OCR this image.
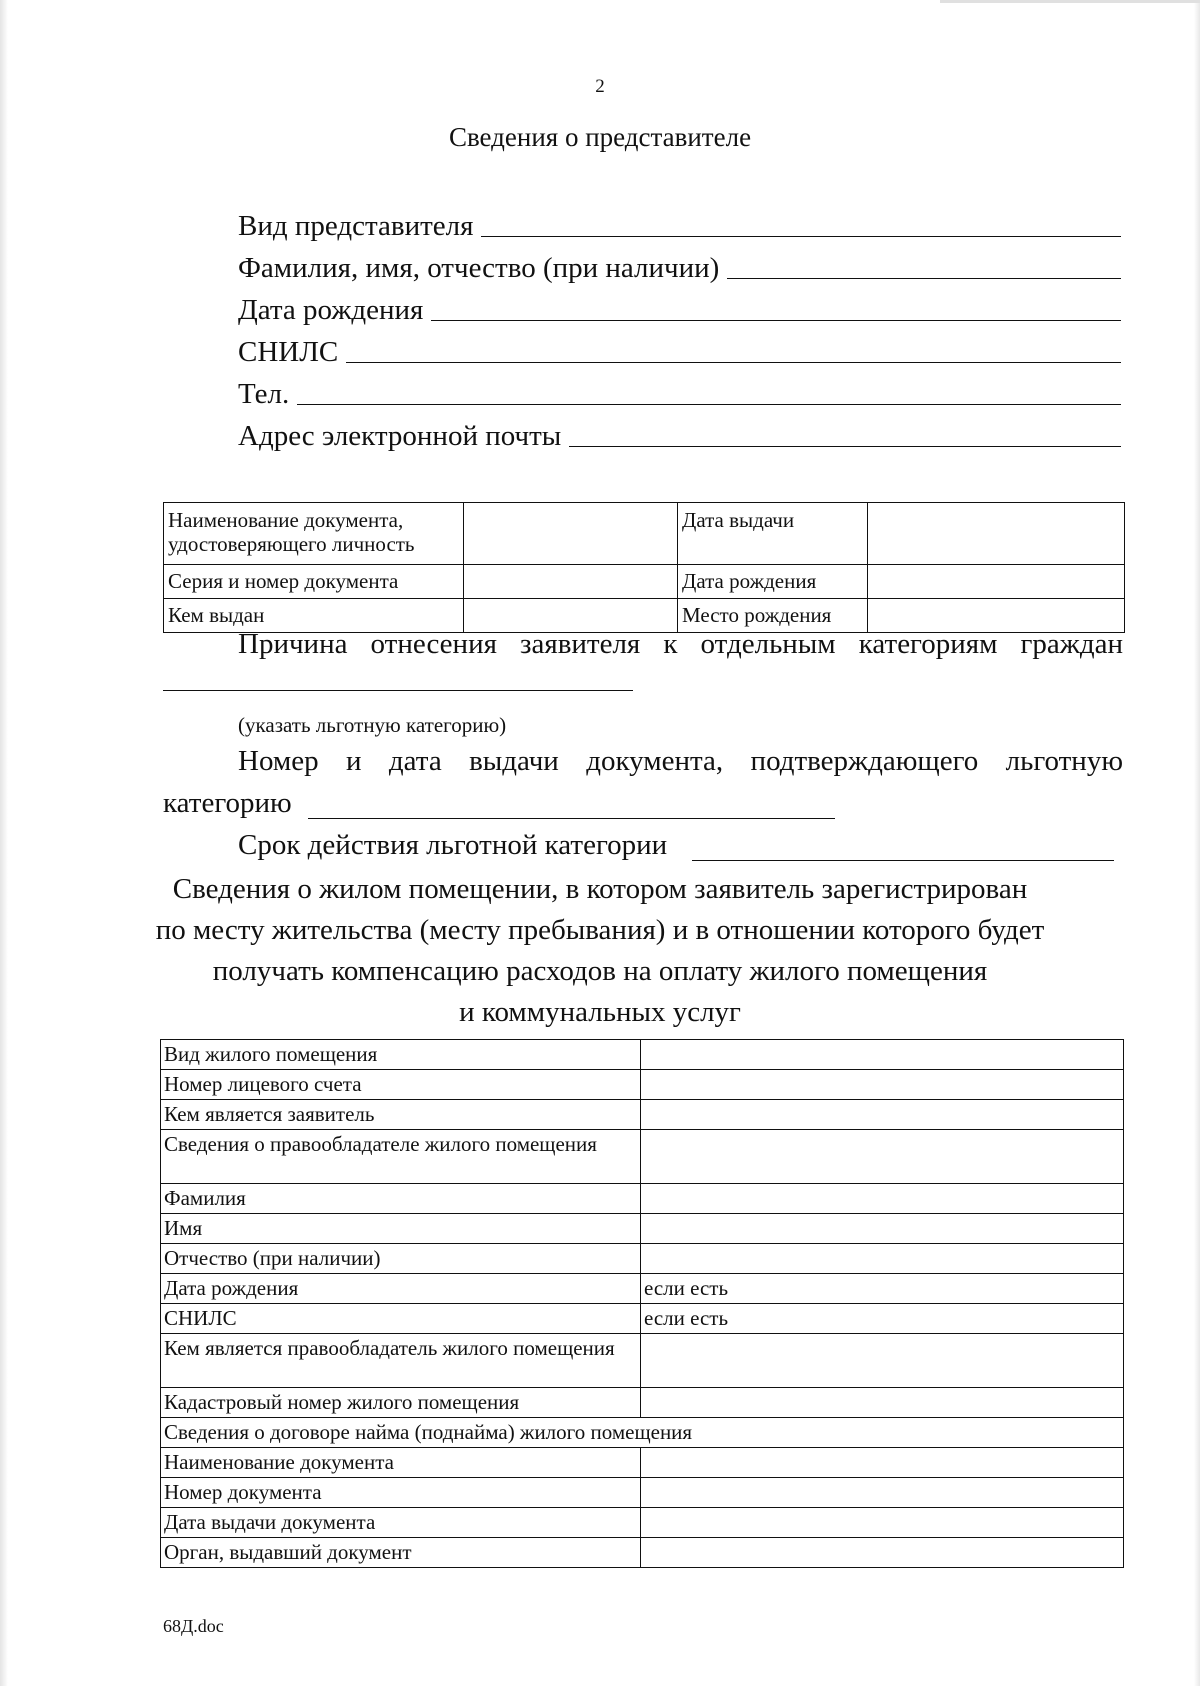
2
Сведения о представителе
Вид представителя
Фамилия, имя, отчество (при наличии)
Дата рождения
СНИЛС
Тел.
Адрес электронной почты
Наименование документа, удостоверяющего личность		Дата выдачи	
Серия и номер документа		Дата рождения	
Кем выдан		Место рождения	
Причина отнесения заявителя к отдельным категориям граждан
(указать льготную категорию)
Номер и дата выдачи документа, подтверждающего льготную
категорию
Срок действия льготной категории
Сведения о жилом помещении, в котором заявитель зарегистрирован
по месту жительства (месту пребывания) и в отношении которого будет
получать компенсацию расходов на оплату жилого помещения
и коммунальных услуг
Вид жилого помещения	
Номер лицевого счета	
Кем является заявитель	
Сведения о правообладателе жилого помещения	
Фамилия	
Имя	
Отчество (при наличии)	
Дата рождения	если есть
СНИЛС	если есть
Кем является правообладатель жилого помещения	
Кадастровый номер жилого помещения	
Сведения о договоре найма (поднайма) жилого помещения	
Наименование документа	
Номер документа	
Дата выдачи документа	
Орган, выдавший документ	
68Д.doc
